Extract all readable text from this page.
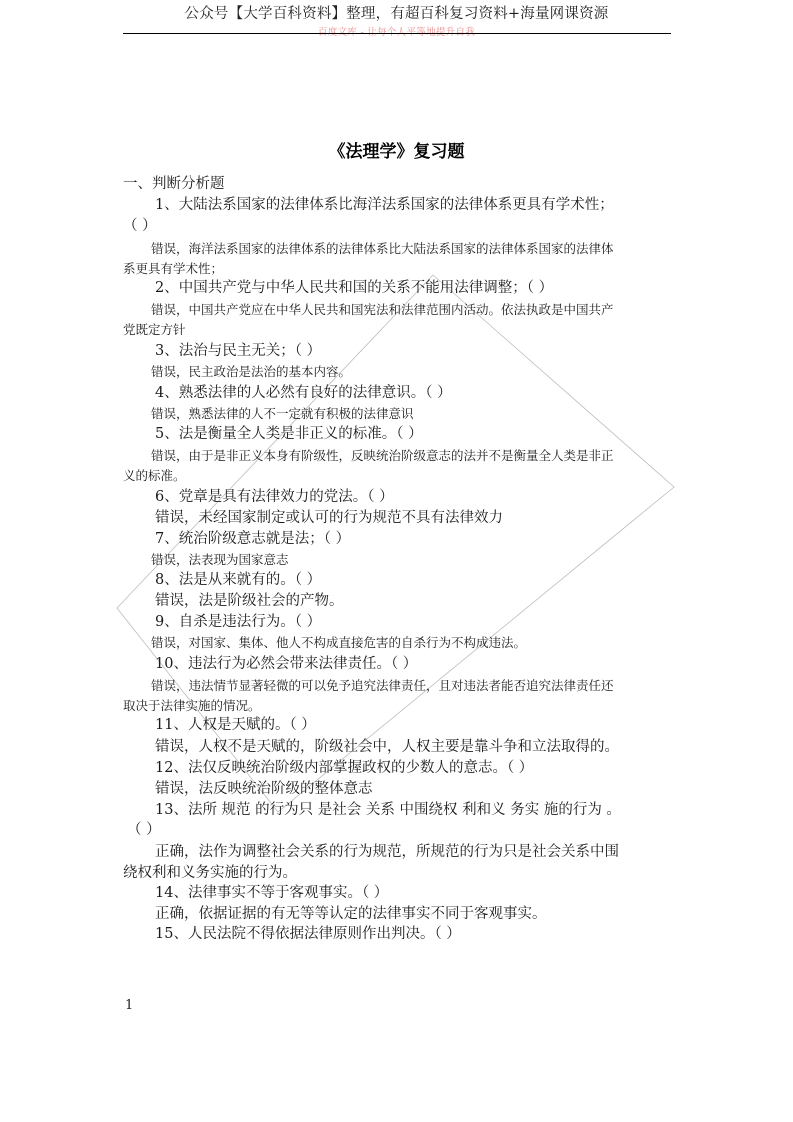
公众号【大学百科资料】整理，有超百科复习资料+海量网课资源
《法理学》复习题
一、判断分析题
1、大陆法系国家的法律体系比海洋法系国家的法律体系更具有学术性；
（ ）
错误，海洋法系国家的法律体系的法律体系比大陆法系国家的法律体系国家的法律体
系更具有学术性；
2、中国共产党与中华人民共和国的关系不能用法律调整；（ ）
错误，中国共产党应在中华人民共和国宪法和法律范围内活动。依法执政是中国共产
党既定方针
3、法治与民主无关；（ ）
错误，民主政治是法治的基本内容。
4、熟悉法律的人必然有良好的法律意识。（ ）
错误，熟悉法律的人不一定就有积极的法律意识
5、法是衡量全人类是非正义的标准。（ ）
错误，由于是非正义本身有阶级性，反映统治阶级意志的法并不是衡量全人类是非正
义的标准。
6、党章是具有法律效力的党法。（ ）
错误，未经国家制定或认可的行为规范不具有法律效力
7、统治阶级意志就是法；（ ）
错误，法表现为国家意志
8、法是从来就有的。（ ）
错误，法是阶级社会的产物。
9、自杀是违法行为。（ ）
错误，对国家、集体、他人不构成直接危害的自杀行为不构成违法。
10、违法行为必然会带来法律责任。（ ）
错误，违法情节显著轻微的可以免予追究法律责任，且对违法者能否追究法律责任还
取决于法律实施的情况。
11、人权是天赋的。（ ）
错误，人权不是天赋的，阶级社会中，人权主要是靠斗争和立法取得的。
12、法仅反映统治阶级内部掌握政权的少数人的意志。（ ）
错误，法反映统治阶级的整体意志
13、法所 规范 的行为只 是社会 关系 中围绕权 利和义 务实 施的行为 。
（ ）
正确，法作为调整社会关系的行为规范，所规范的行为只是社会关系中围
绕权利和义务实施的行为。
14、法律事实不等于客观事实。（ ）
正确，依据证据的有无等等认定的法律事实不同于客观事实。
15、人民法院不得依据法律原则作出判决。（ ）
1
